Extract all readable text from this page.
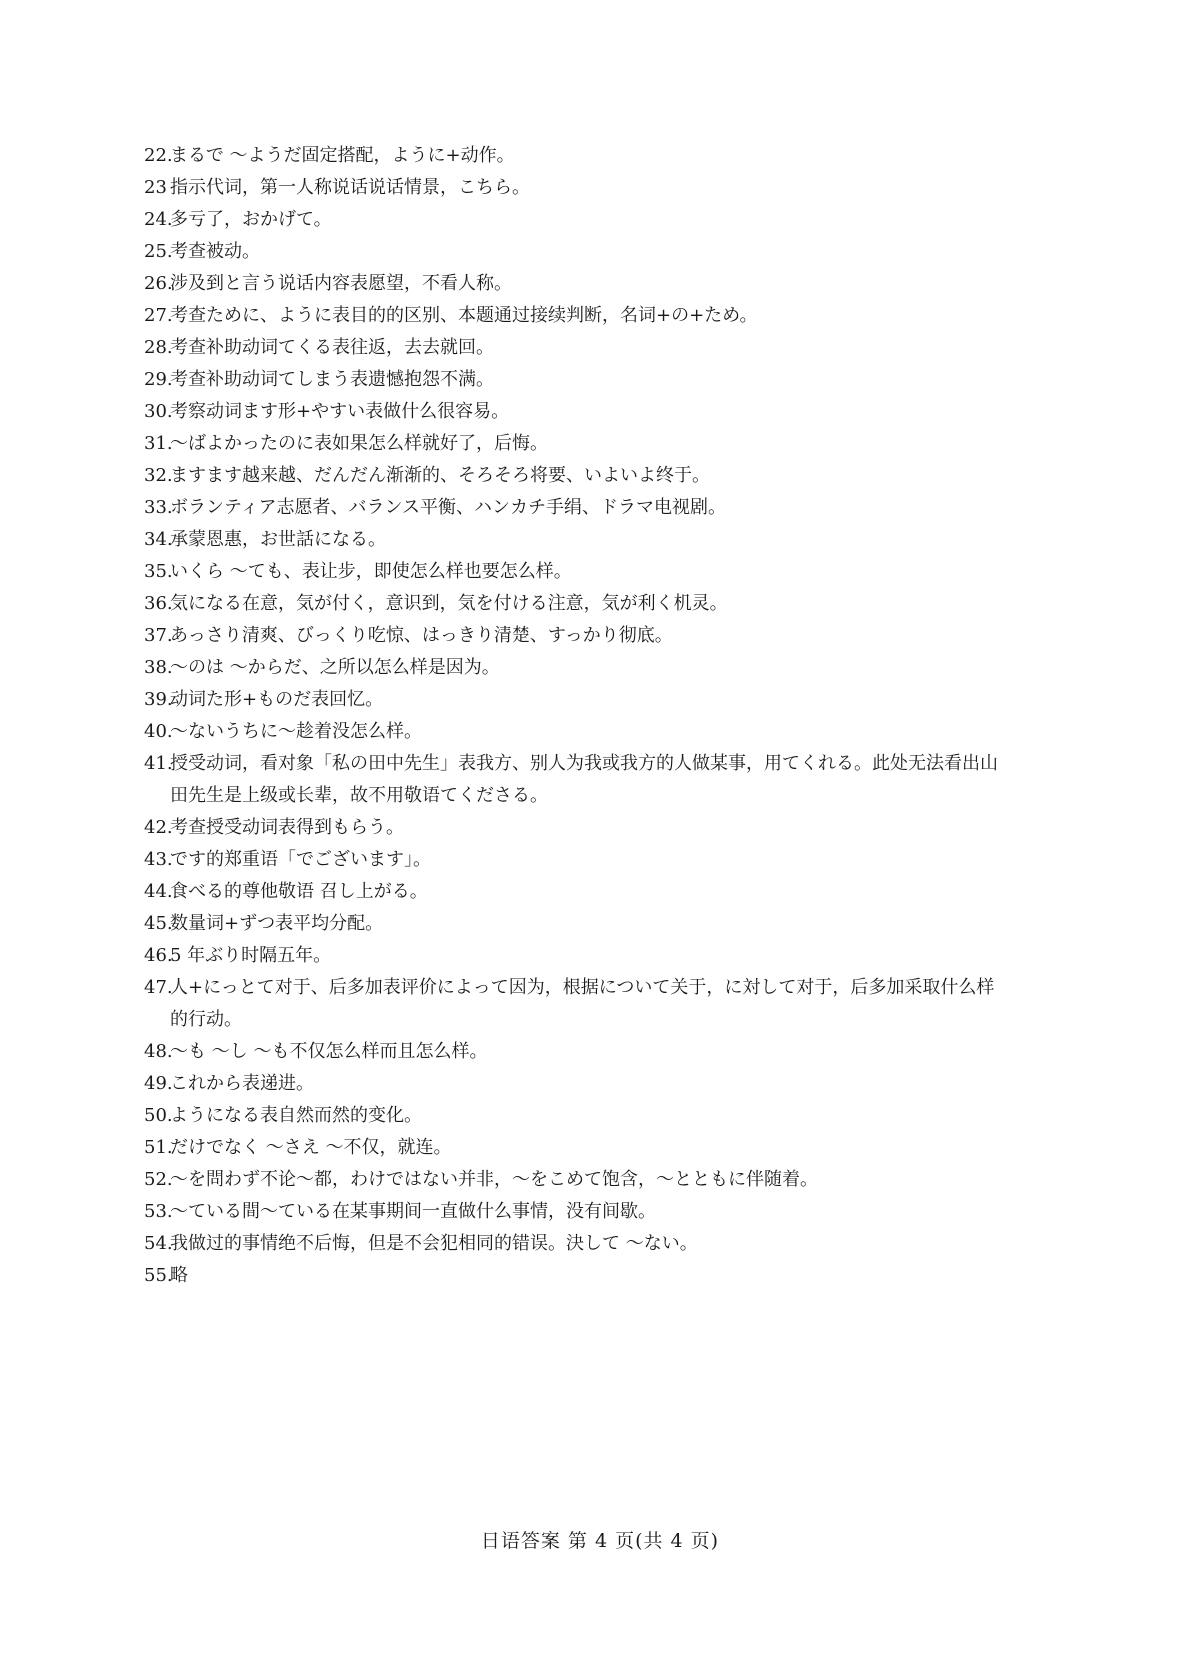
22.
まるで ～ようだ固定搭配，ように+动作。
23 指示代词，第一人称说话说话情景，こちら。
24.
多亏了，おかげて。
25.
考查被动。
26.
涉及到と言う说话内容表愿望，不看人称。
27.
考查ために、ように表目的的区别、本题通过接续判断，名词+の+ため。
28.
考查补助动词てくる表往返，去去就回。
29.
考查补助动词てしまう表遗憾抱怨不满。
30.
考察动词ます形+やすい表做什么很容易。
31.
～ばよかったのに表如果怎么样就好了，后悔。
32.
ますます越来越、だんだん渐渐的、そろそろ将要、いよいよ终于。
33.
ボランティア志愿者、バランス平衡、ハンカチ手绢、ドラマ电视剧。
34.
承蒙恩惠，お世話になる。
35.
いくら ～ても、表让步，即使怎么样也要怎么样。
36.
気になる在意，気が付く，意识到，気を付ける注意，気が利く机灵。
37.
あっさり清爽、びっくり吃惊、はっきり清楚、すっかり彻底。
38.
～のは ～からだ、之所以怎么样是因为。
39.
动词た形+ものだ表回忆。
40.
～ないうちに～趁着没怎么样。
41.
授受动词，看对象「私の田中先生」表我方、别人为我或我方的人做某事，用てくれる。此处无法看出山
田先生是上级或长辈，故不用敬语てくださる。
42.
考查授受动词表得到もらう。
43.
です的郑重语「でございます」。
44.
食べる的尊他敬语 召し上がる。
45.
数量词+ずつ表平均分配。
46.
5 年ぶり时隔五年。
47.
人+にっとて对于、后多加表评价によって因为，根据について关于，に対して对于，后多加采取什么样
的行动。
48.
～も ～し ～も不仅怎么样而且怎么样。
49.
これから表递进。
50.
ようになる表自然而然的变化。
51.
だけでなく ～さえ ～不仅，就连。
52.
～を問わず不论～都，わけではない并非，～をこめて饱含，～とともに伴随着。
53.
～ている間～ている在某事期间一直做什么事情，没有间歇。
54.
我做过的事情绝不后悔，但是不会犯相同的错误。決して ～ない。
55.
略
日语答案 第 4 页(共 4 页)
